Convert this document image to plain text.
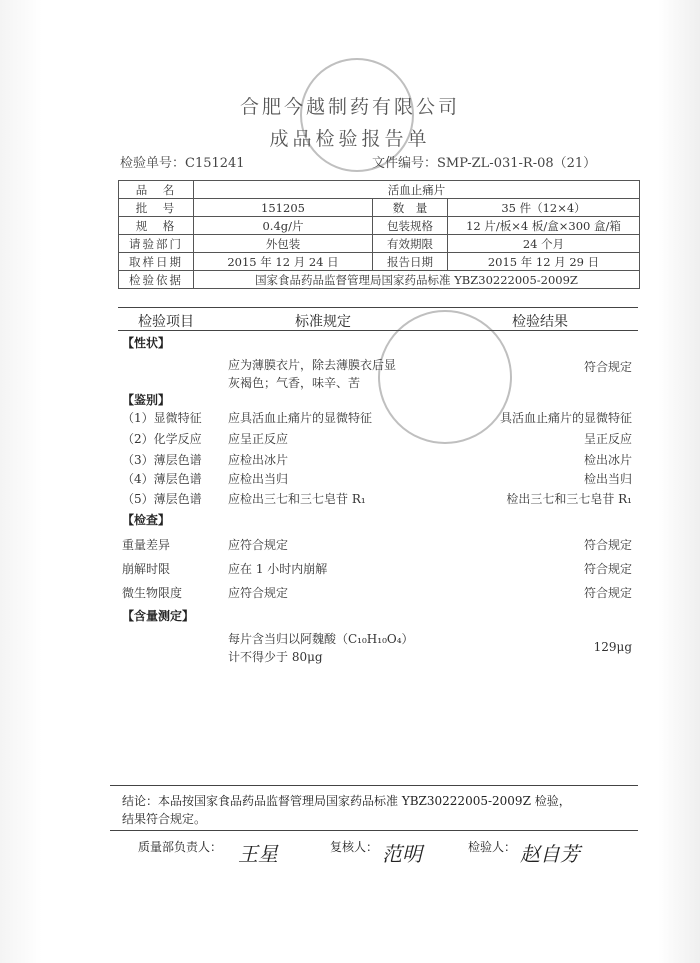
合肥今越制药有限公司
成品检验报告单
检验单号：C151241	文件编号：SMP-ZL-031-R-08（21）
品　名	活血止痛片		
批　号	151205	数　量	35 件（12×4）
规　格	0.4g/片	包装规格	12 片/板×4 板/盒×300 盒/箱
请验部门	外包装	有效期限	24 个月
取样日期	2015 年 12 月 24 日	报告日期	2015 年 12 月 29 日
检验依据	国家食品药品监督管理局国家药品标准 YBZ30222005-2009Z		
检验项目	标准规定	检验结果
【性状】
应为薄膜衣片，除去薄膜衣后显
灰褐色；气香，味辛、苦
符合规定
【鉴别】
（1）显微特征 应具活血止痛片的显微特征	具活血止痛片的显微特征
（2）化学反应 应呈正反应	呈正反应
（3）薄层色谱 应检出冰片	检出冰片
（4）薄层色谱 应检出当归	检出当归
（5）薄层色谱 应检出三七和三七皂苷 R₁	检出三七和三七皂苷 R₁
【检查】
重量差异	应符合规定	符合规定
崩解时限	应在 1 小时内崩解	符合规定
微生物限度	应符合规定	符合规定
【含量测定】
每片含当归以阿魏酸（C₁₀H₁₀O₄）
计不得少于 80μg
129μg
结论：本品按国家食品药品监督管理局国家药品标准 YBZ30222005-2009Z 检验，
结果符合规定。
质量部负责人： 王星	复核人： 范明	检验人： 赵自芳
